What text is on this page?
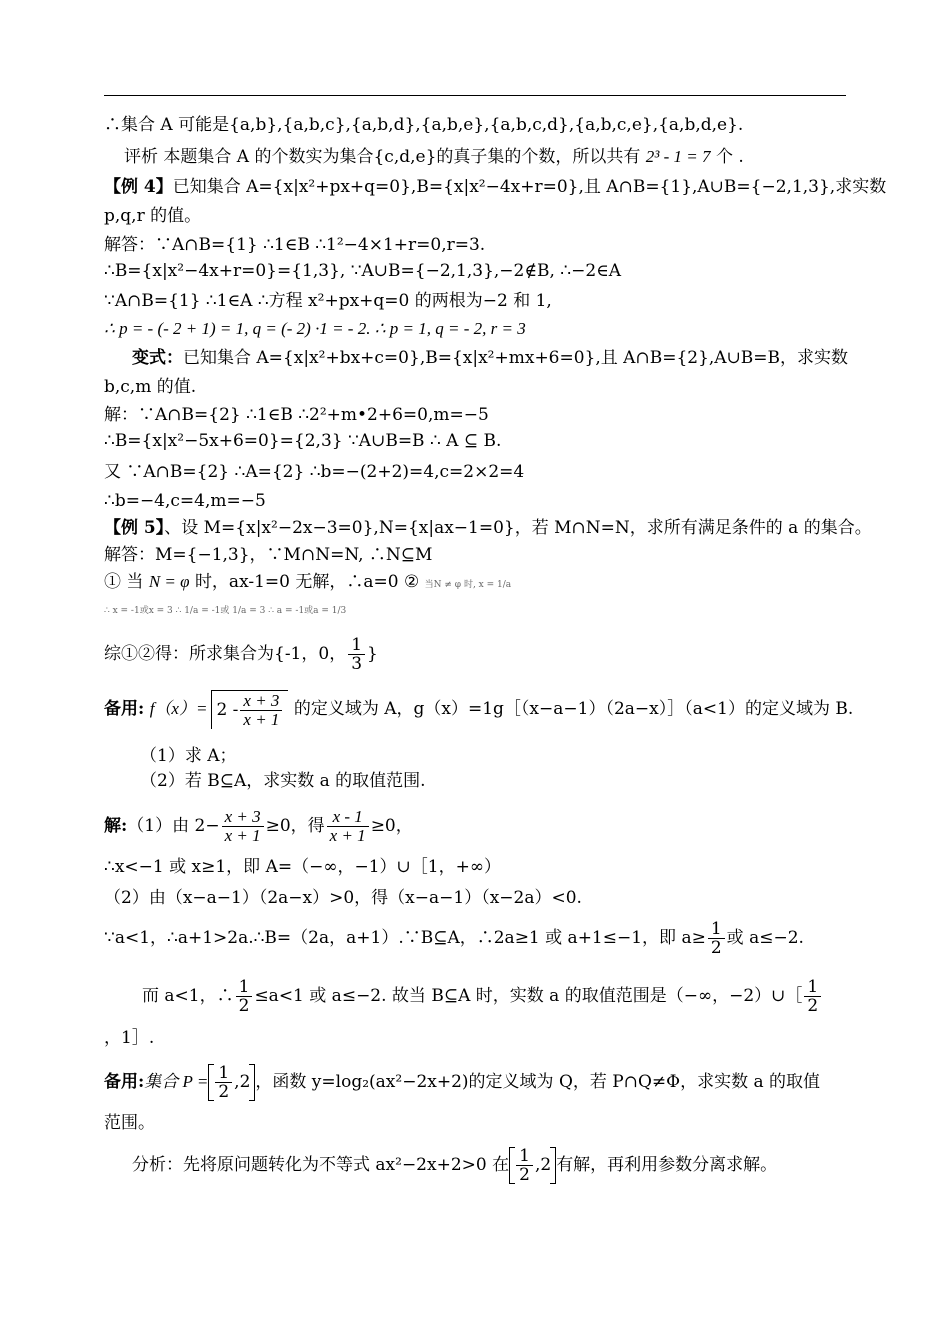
∴集合 A 可能是{a,b},{a,b,c},{a,b,d},{a,b,e},{a,b,c,d},{a,b,c,e},{a,b,d,e}.
评析 本题集合 A 的个数实为集合{c,d,e}的真子集的个数，所以共有 2³ - 1 = 7 个 .
【例 4】已知集合 A={x|x²+px+q=0},B={x|x²−4x+r=0},且 A∩B={1},A∪B={−2,1,3},求实数
p,q,r 的值。
解答：∵A∩B={1} ∴1∈B ∴1²−4×1+r=0,r=3.
∴B={x|x²−4x+r=0}={1,3}, ∵A∪B={−2,1,3},−2∉B, ∴−2∈A
∵A∩B={1} ∴1∈A ∴方程 x²+px+q=0 的两根为−2 和 1,
∴ p = - (- 2 + 1) = 1, q = (- 2) ·1 = - 2. ∴ p = 1, q = - 2, r = 3
变式：已知集合 A={x|x²+bx+c=0},B={x|x²+mx+6=0},且 A∩B={2},A∪B=B，求实数
b,c,m 的值.
解：∵A∩B={2} ∴1∈B ∴2²+m•2+6=0,m=−5
∴B={x|x²−5x+6=0}={2,3} ∵A∪B=B ∴ A ⊆ B.
又 ∵A∩B={2} ∴A={2} ∴b=−(2+2)=4,c=2×2=4
∴b=−4,c=4,m=−5
【例 5】、设 M={x|x²−2x−3=0},N={x|ax−1=0}，若 M∩N=N，求所有满足条件的 a 的集合。
解答：M={−1,3}，∵M∩N=N, ∴N⊆M
① 当 N = φ 时，ax-1=0 无解，∴a=0 ② 当N ≠ φ 时, x = 1/a
∴ x = -1或x = 3 ∴ 1/a = -1或 1/a = 3 ∴ a = -1或a = 1/3
综①②得：所求集合为{-1，0， $\frac{1}{3}$ }
备用: $f(x)= 2 - \frac{x + 3}{x + 1}$ 的定义域为 A，g（x）=1g［（x−a−1）（2a−x）］（a<1）的定义域为 B.
（1）求 A；
（2）若 B⊆A，求实数 a 的取值范围.
解:（1）由 $2- \frac{x + 3}{x + 1} \ge 0$，得 $\frac{x - 1}{x + 1} \ge 0$，
∴x<−1 或 x≥1，即 A=（−∞，−1）∪［1，+∞）
（2）由（x−a−1）（2a−x）>0，得（x−a−1）（x−2a）<0.
∵a<1，∴a+1>2a.∴B=（2a，a+1）.∵B⊆A，∴2a≥1 或 a+1≤−1，即 $a\ge \frac{1}{2}$ 或 a≤−2.
而 a<1，∴ $\frac{1}{2} \le a<1$ 或 a≤−2. 故当 B⊆A 时，实数 a 的取值范围是（−∞，−2）∪［ $\frac{1}{2}$
，1］.
备用:集合 $P = \frac{1}{2} ,2$ ，函数 y=log₂(ax²−2x+2)的定义域为 Q，若 P∩Q≠Φ，求实数 a 的取值
范围。
分析：先将原问题转化为不等式 ax²−2x+2>0 在 $\frac{1}{2} ,2$ 有解，再利用参数分离求解。
